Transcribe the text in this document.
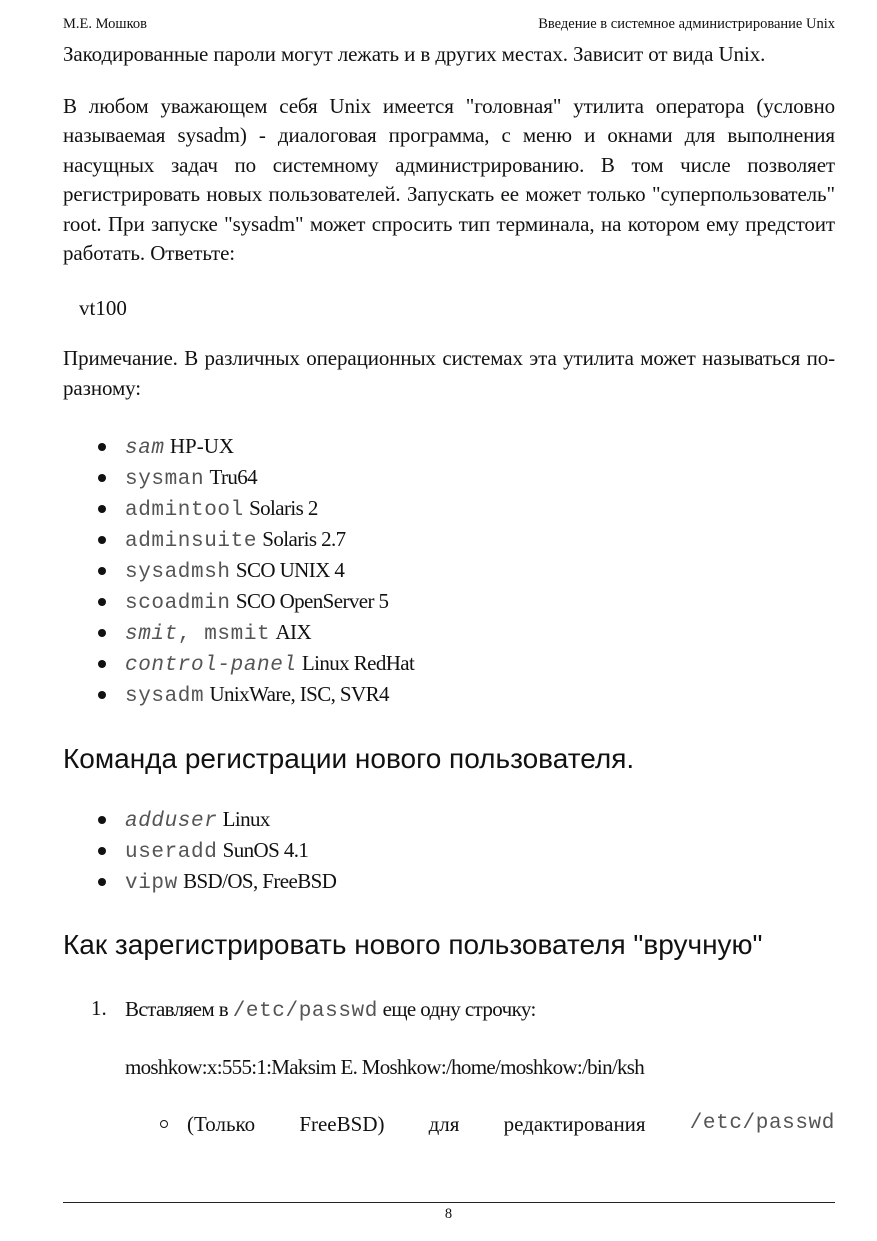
М.Е. Мошков	Введение в системное администрирование Unix

Закодированные пароли могут лежать и в других местах. Зависит от вида Unix.

В любом уважающем себя Unix имеется "головная" утилита оператора (условно называемая sysadm) - диалоговая программа, с меню и окнами для выполнения насущных задач по системному администрированию. В том числе позволяет регистрировать новых пользователей. Запускать ее может только "суперпользователь" root. При запуске "sysadm" может спросить тип терминала, на котором ему предстоит работать. Ответьте:

vt100

Примечание. В различных операционных системах эта утилита может называться по-разному:

sam HP-UX
sysman Tru64
admintool Solaris 2
adminsuite Solaris 2.7
sysadmsh SCO UNIX 4
scoadmin SCO OpenServer 5
smit, msmit AIX
control-panel Linux RedHat
sysadm UnixWare, ISC, SVR4
Команда регистрации нового пользователя.
adduser Linux
useradd SunOS 4.1
vipw BSD/OS, FreeBSD
Как зарегистрировать нового пользователя "вручную"
1. Вставляем в /etc/passwd еще одну строчку:
moshkow:x:555:1:Maksim E. Moshkow:/home/moshkow:/bin/ksh
(Только FreeBSD) для редактирования /etc/passwd
8
